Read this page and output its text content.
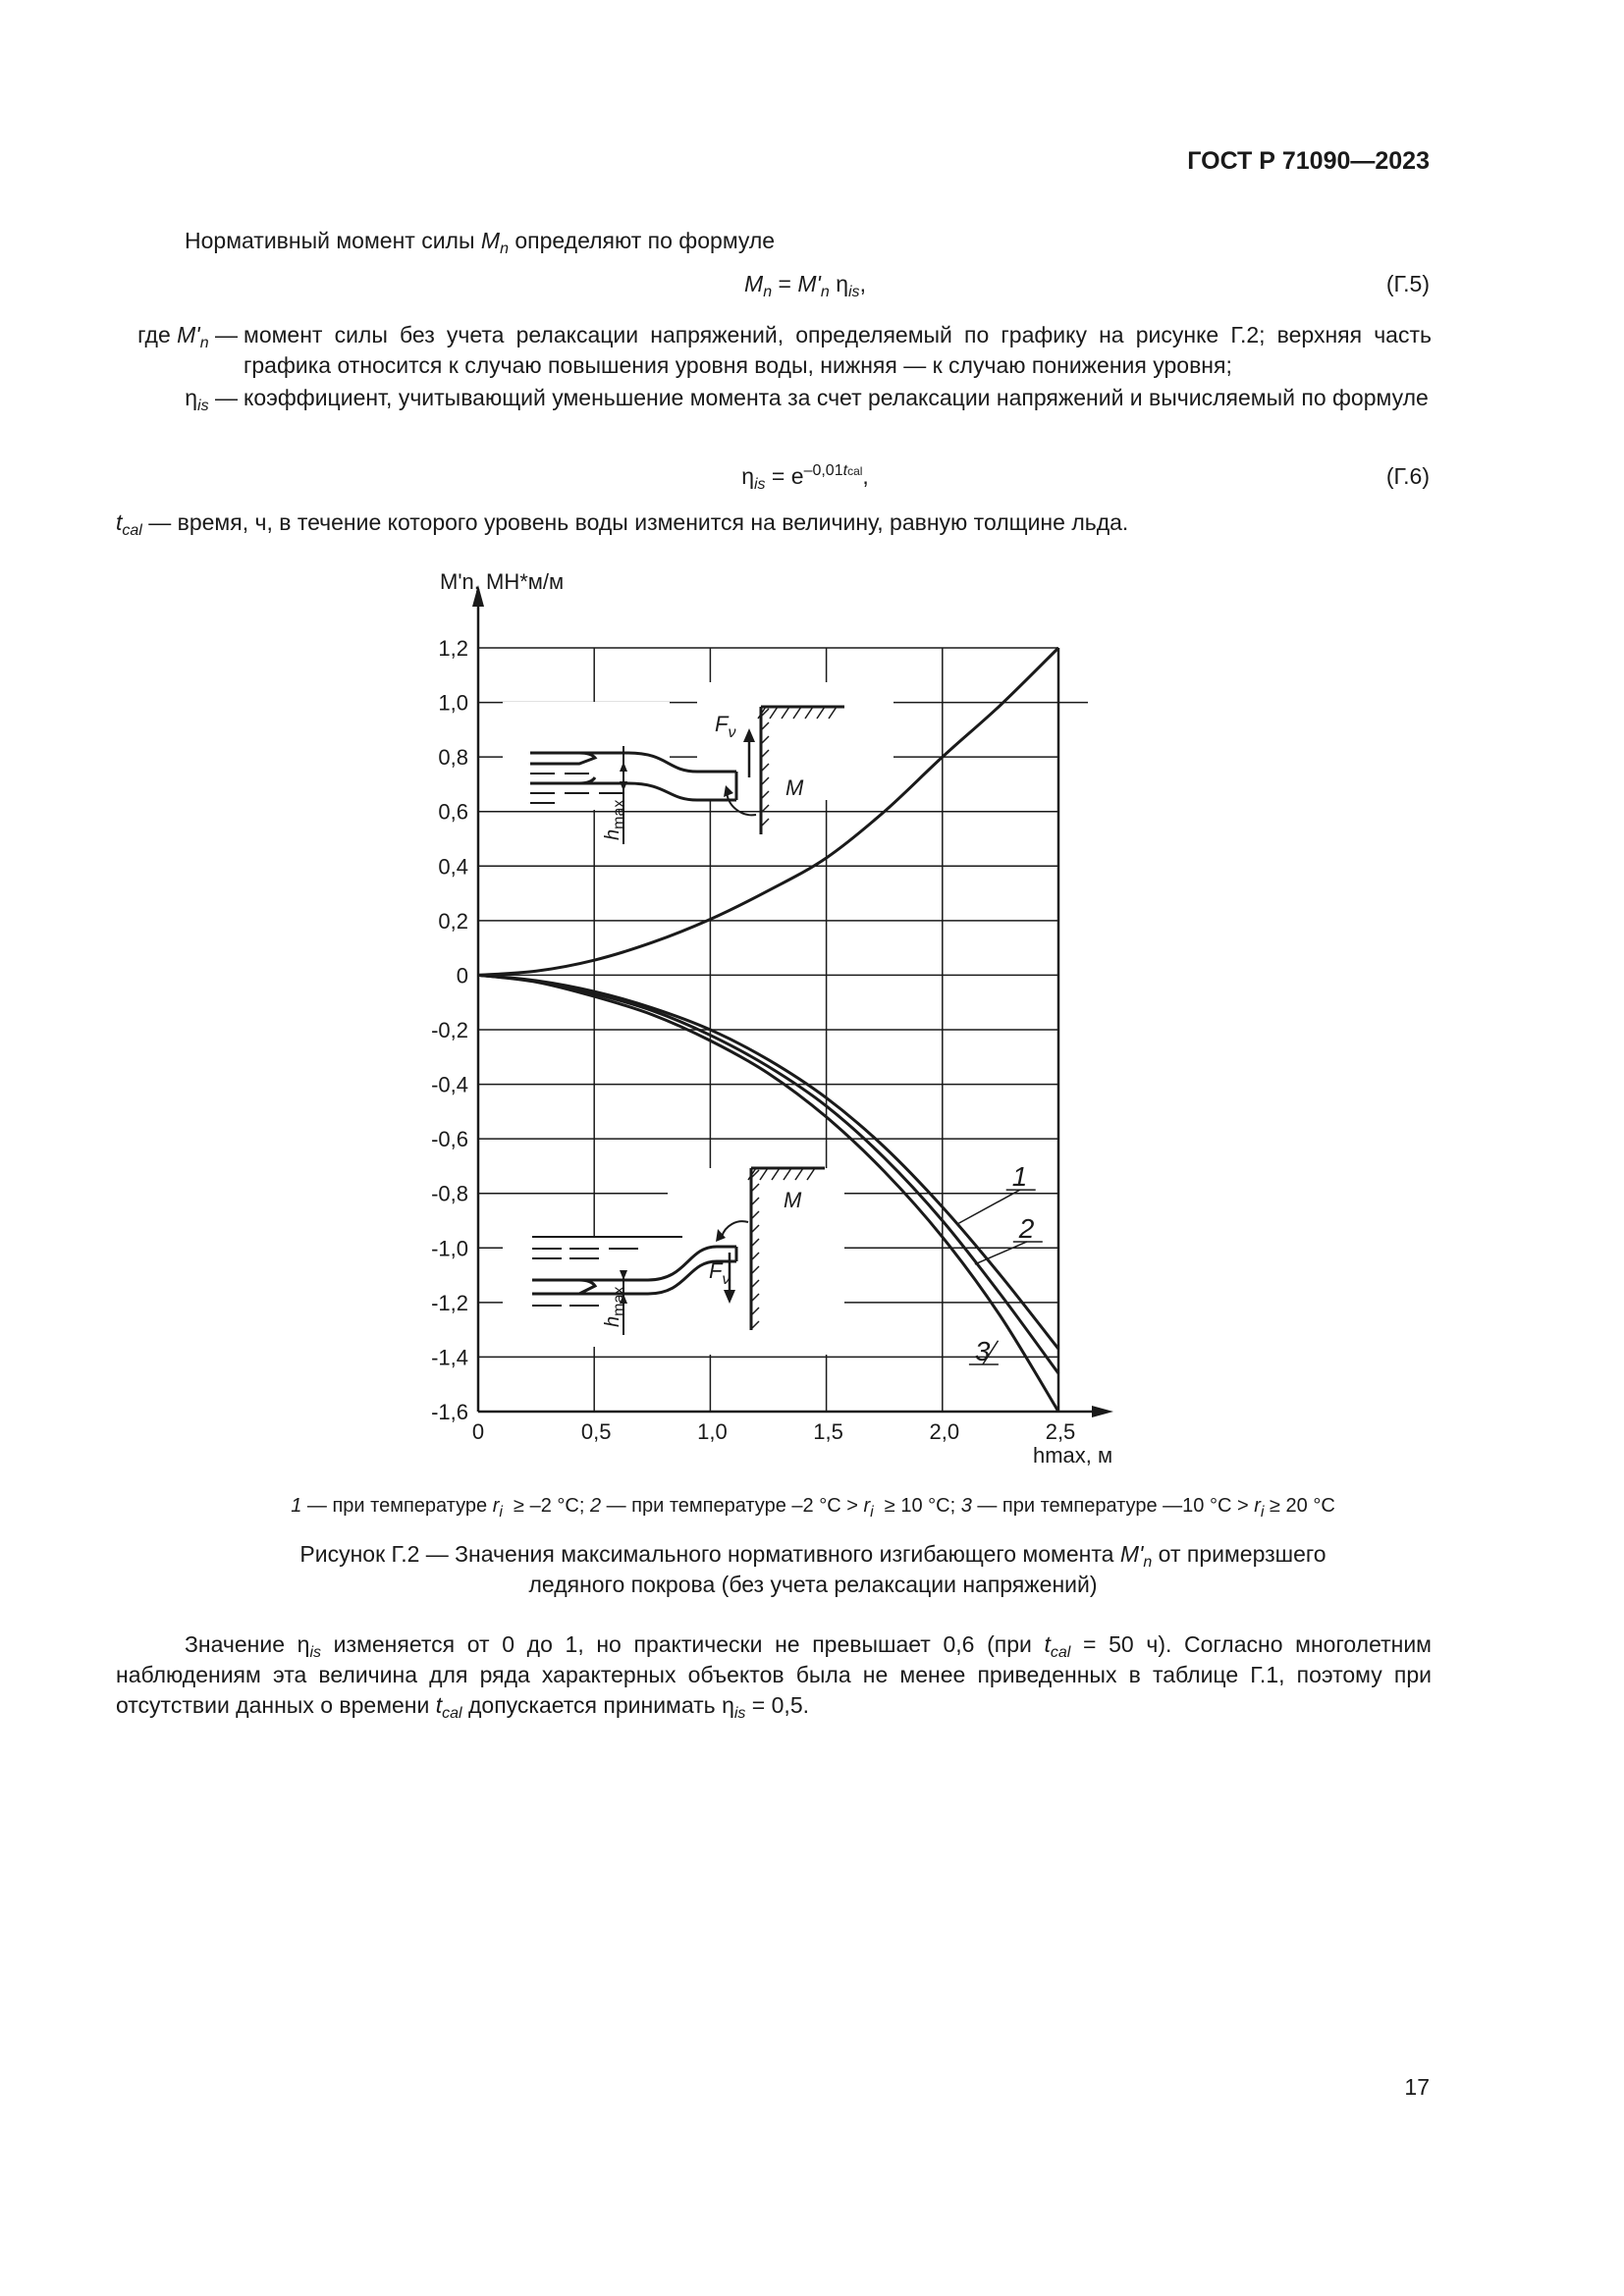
ГОСТ Р 71090—2023
Нормативный момент силы $M_n$ определяют по формуле
$M_n = M'_n$ $\eta_{is}$,	(Г.5)
где $M'_n$ — момент силы без учета релаксации напряжений, определяемый по графику на рисунке Г.2; верхняя часть графика относится к случаю повышения уровня воды, нижняя — к случаю понижения уровня;
$\eta_{is}$ — коэффициент, учитывающий уменьшение момента за счет релаксации напряжений и вычисляемый по формуле
$\eta_{is} = e^{-0,01tcal}$,	(Г.6)
$t_{cal}$ — время, ч, в течение которого уровень воды изменится на величину, равную толщине льда.
1,2
1,0
0,8
0,6
0,4
0,2
0
-0,2
-0,4
-0,6
-0,8
-1,0
-1,2
-1,4
-1,6
0	0,5	1,0	1,5	2,0	2,5
$F_\nu$
M
$h_{max}$
M
$F_\nu$
$h_{max}$
1
2
3
M'n, МН*м/м
hmax, м
1 — при температуре $r_i \ge -2$ °С; 2 — при температуре –2 $^\circ С > r_i \ge 10$ °С; 3 — при температуре —10 $^\circ С > r_i \ge 20$ °С
Рисунок Г.2 — Значения максимального нормативного изгибающего момента $M'_n$ от примерзшего
ледяного покрова (без учета релаксации напряжений)
Значение $\eta_{is}$ изменяется от 0 до 1, но практически не превышает 0,6 (при $t_{cal} = 50$ ч). Согласно многолетним наблюдениям эта величина для ряда характерных объектов была не менее приведенных в таблице Г.1, поэтому при отсутствии данных о времени $t_{cal}$ допускается принимать $\eta_{is} = 0,5$.
17
